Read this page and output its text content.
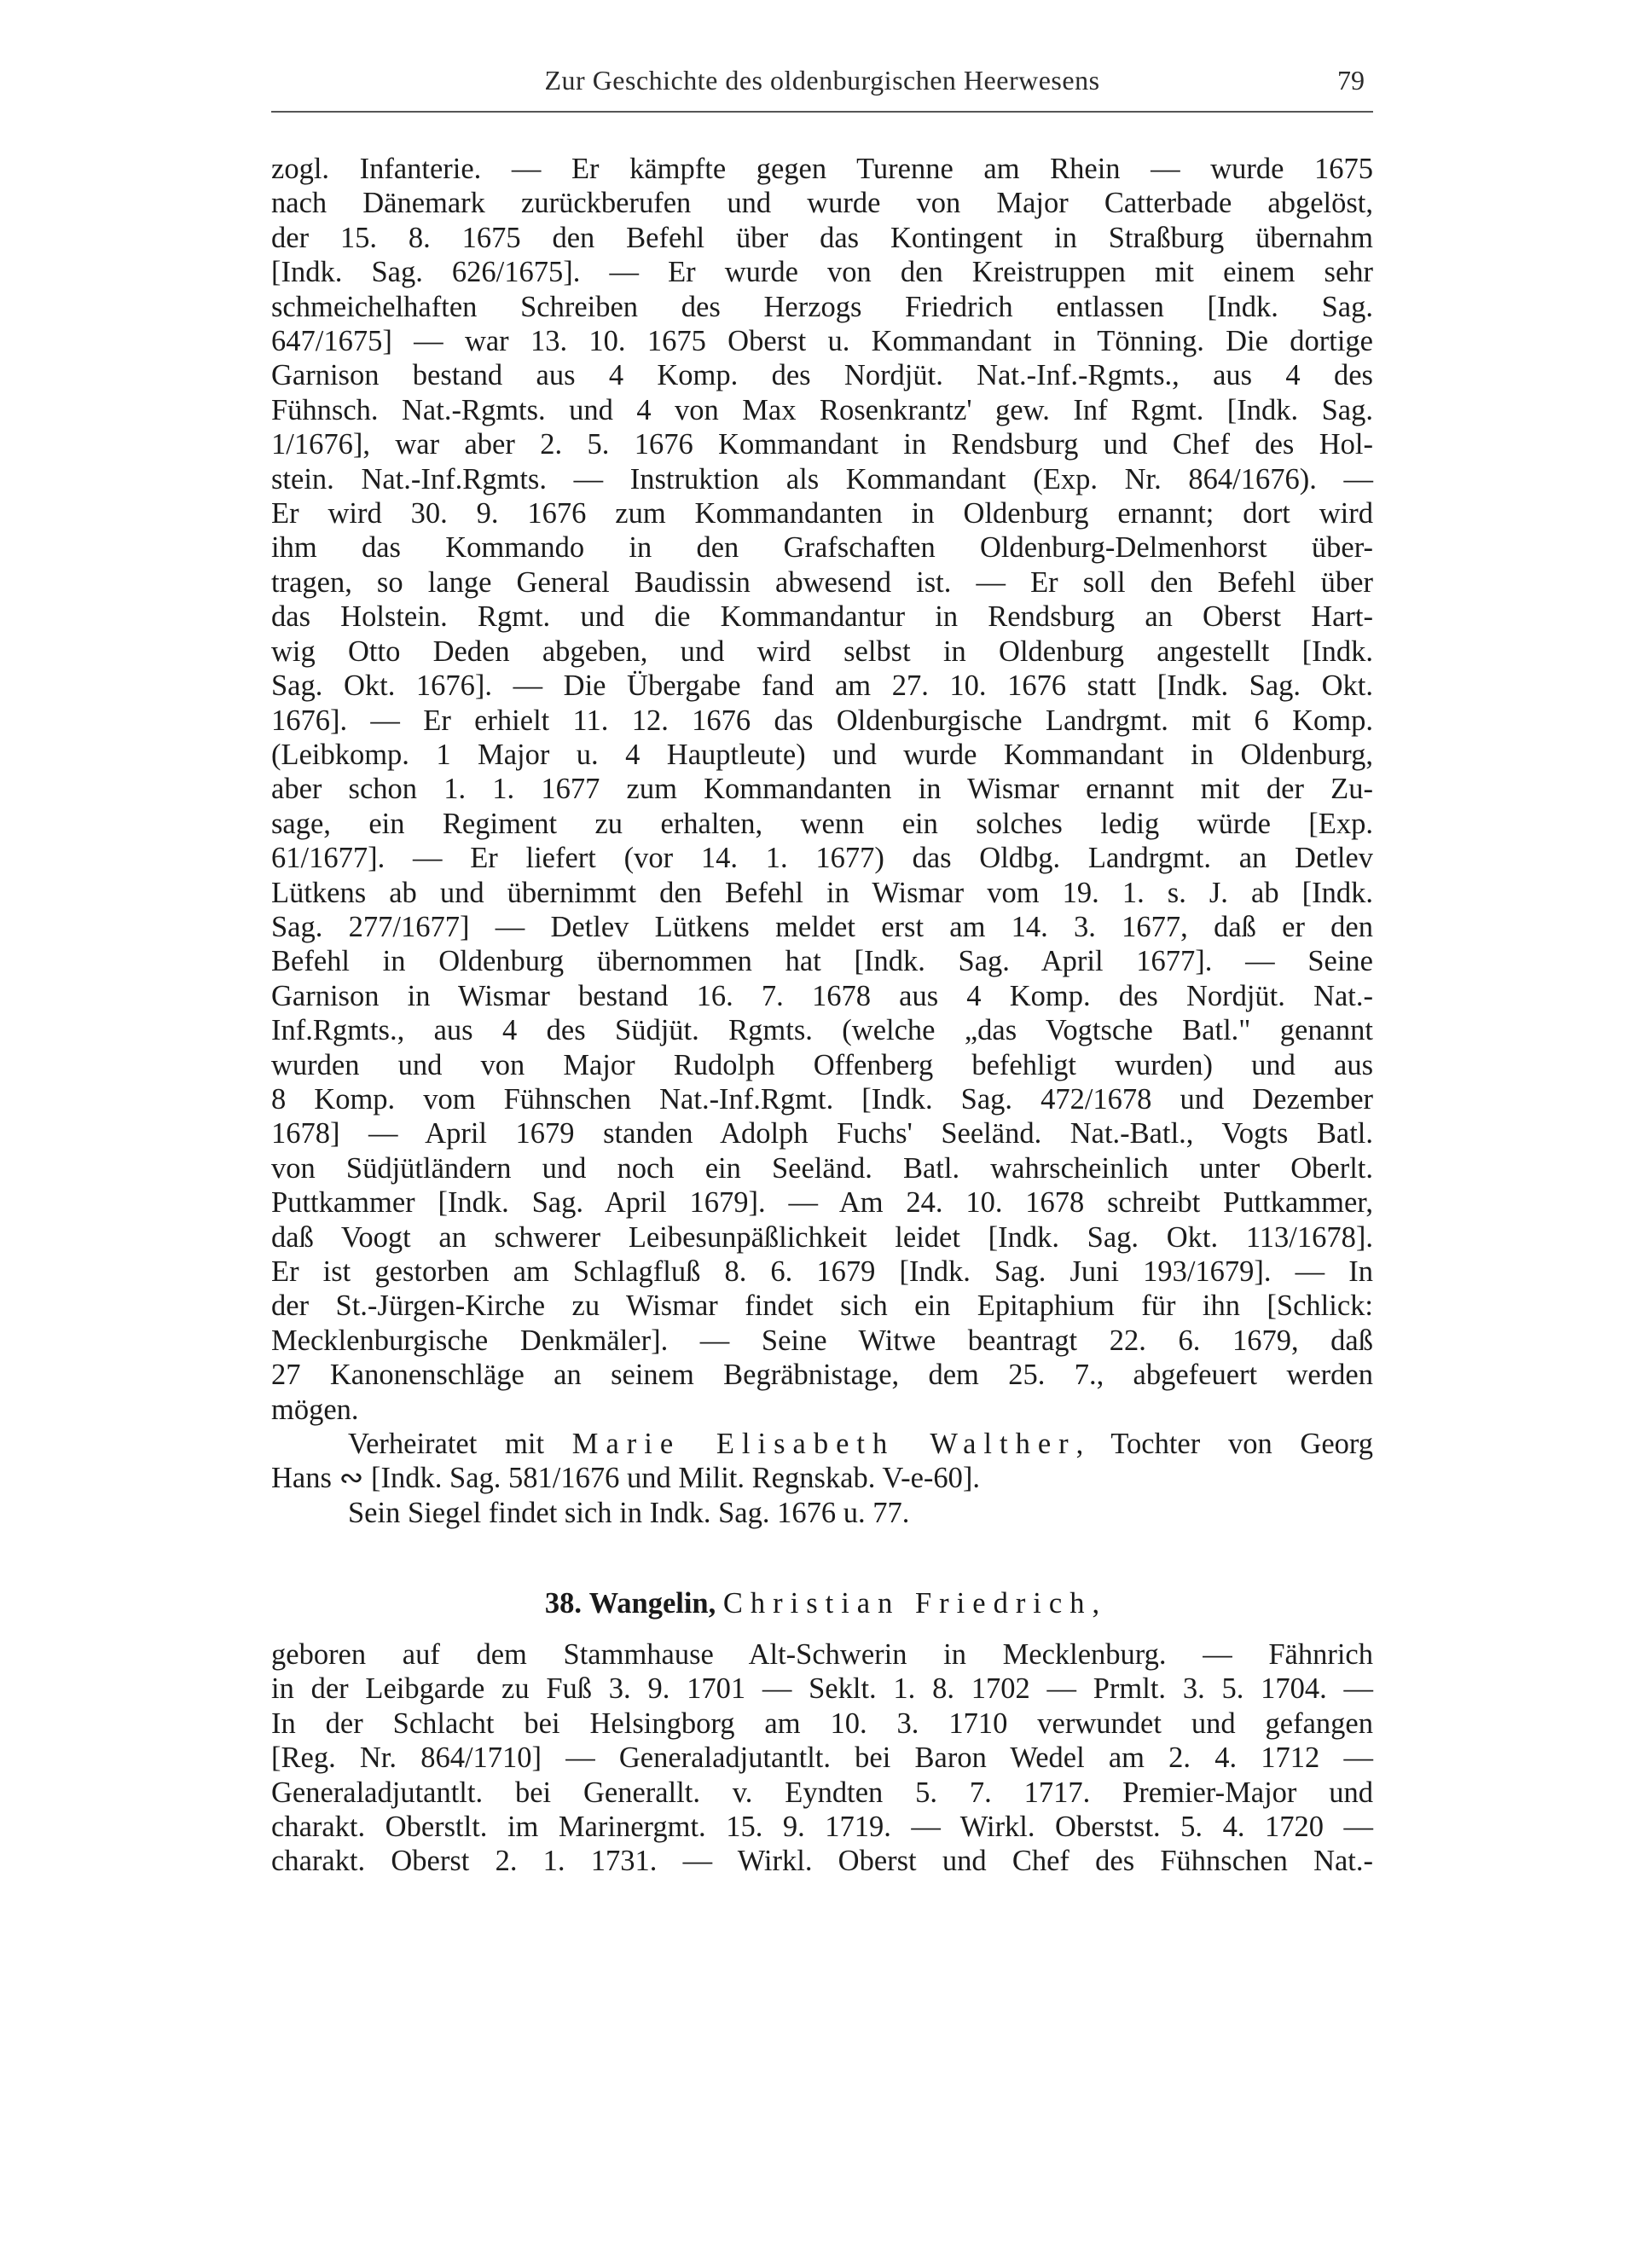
Zur Geschichte des oldenburgischen Heerwesens	79
zogl. Infanterie. — Er kämpfte gegen Turenne am Rhein — wurde 1675
nach Dänemark zurückberufen und wurde von Major Catterbade abgelöst,
der 15. 8. 1675 den Befehl über das Kontingent in Straßburg übernahm
[Indk. Sag. 626/1675]. — Er wurde von den Kreistruppen mit einem sehr
schmeichelhaften Schreiben des Herzogs Friedrich entlassen [Indk. Sag.
647/1675] — war 13. 10. 1675 Oberst u. Kommandant in Tönning. Die dortige
Garnison bestand aus 4 Komp. des Nordjüt. Nat.-Inf.-Rgmts., aus 4 des
Fühnsch. Nat.-Rgmts. und 4 von Max Rosenkrantz' gew. Inf Rgmt. [Indk. Sag.
1/1676], war aber 2. 5. 1676 Kommandant in Rendsburg und Chef des Hol-
stein. Nat.-Inf.Rgmts. — Instruktion als Kommandant (Exp. Nr. 864/1676). —
Er wird 30. 9. 1676 zum Kommandanten in Oldenburg ernannt; dort wird
ihm das Kommando in den Grafschaften Oldenburg-Delmenhorst über-
tragen, so lange General Baudissin abwesend ist. — Er soll den Befehl über
das Holstein. Rgmt. und die Kommandantur in Rendsburg an Oberst Hart-
wig Otto Deden abgeben, und wird selbst in Oldenburg angestellt [Indk.
Sag. Okt. 1676]. — Die Übergabe fand am 27. 10. 1676 statt [Indk. Sag. Okt.
1676]. — Er erhielt 11. 12. 1676 das Oldenburgische Landrgmt. mit 6 Komp.
(Leibkomp. 1 Major u. 4 Hauptleute) und wurde Kommandant in Oldenburg,
aber schon 1. 1. 1677 zum Kommandanten in Wismar ernannt mit der Zu-
sage, ein Regiment zu erhalten, wenn ein solches ledig würde [Exp.
61/1677]. — Er liefert (vor 14. 1. 1677) das Oldbg. Landrgmt. an Detlev
Lütkens ab und übernimmt den Befehl in Wismar vom 19. 1. s. J. ab [Indk.
Sag. 277/1677] — Detlev Lütkens meldet erst am 14. 3. 1677, daß er den
Befehl in Oldenburg übernommen hat [Indk. Sag. April 1677]. — Seine
Garnison in Wismar bestand 16. 7. 1678 aus 4 Komp. des Nordjüt. Nat.-
Inf.Rgmts., aus 4 des Südjüt. Rgmts. (welche „das Vogtsche Batl." genannt
wurden und von Major Rudolph Offenberg befehligt wurden) und aus
8 Komp. vom Fühnschen Nat.-Inf.Rgmt. [Indk. Sag. 472/1678 und Dezember
1678] — April 1679 standen Adolph Fuchs' Seeländ. Nat.-Batl., Vogts Batl.
von Südjütländern und noch ein Seeländ. Batl. wahrscheinlich unter Oberlt.
Puttkammer [Indk. Sag. April 1679]. — Am 24. 10. 1678 schreibt Puttkammer,
daß Voogt an schwerer Leibesunpäßlichkeit leidet [Indk. Sag. Okt. 113/1678].
Er ist gestorben am Schlagfluß 8. 6. 1679 [Indk. Sag. Juni 193/1679]. — In
der St.-Jürgen-Kirche zu Wismar findet sich ein Epitaphium für ihn [Schlick:
Mecklenburgische Denkmäler]. — Seine Witwe beantragt 22. 6. 1679, daß
27 Kanonenschläge an seinem Begräbnistage, dem 25. 7., abgefeuert werden
mögen.
Verheiratet mit Marie Elisabeth Walther, Tochter von Georg
Hans ∾ [Indk. Sag. 581/1676 und Milit. Regnskab. V-e-60].
Sein Siegel findet sich in Indk. Sag. 1676 u. 77.
38. Wangelin, Christian Friedrich,
geboren auf dem Stammhause Alt-Schwerin in Mecklenburg. — Fähnrich
in der Leibgarde zu Fuß 3. 9. 1701 — Seklt. 1. 8. 1702 — Prmlt. 3. 5. 1704. —
In der Schlacht bei Helsingborg am 10. 3. 1710 verwundet und gefangen
[Reg. Nr. 864/1710] — Generaladjutantlt. bei Baron Wedel am 2. 4. 1712 —
Generaladjutantlt. bei Generallt. v. Eyndten 5. 7. 1717. Premier-Major und
charakt. Oberstlt. im Marinergmt. 15. 9. 1719. — Wirkl. Oberstst. 5. 4. 1720 —
charakt. Oberst 2. 1. 1731. — Wirkl. Oberst und Chef des Fühnschen Nat.-
